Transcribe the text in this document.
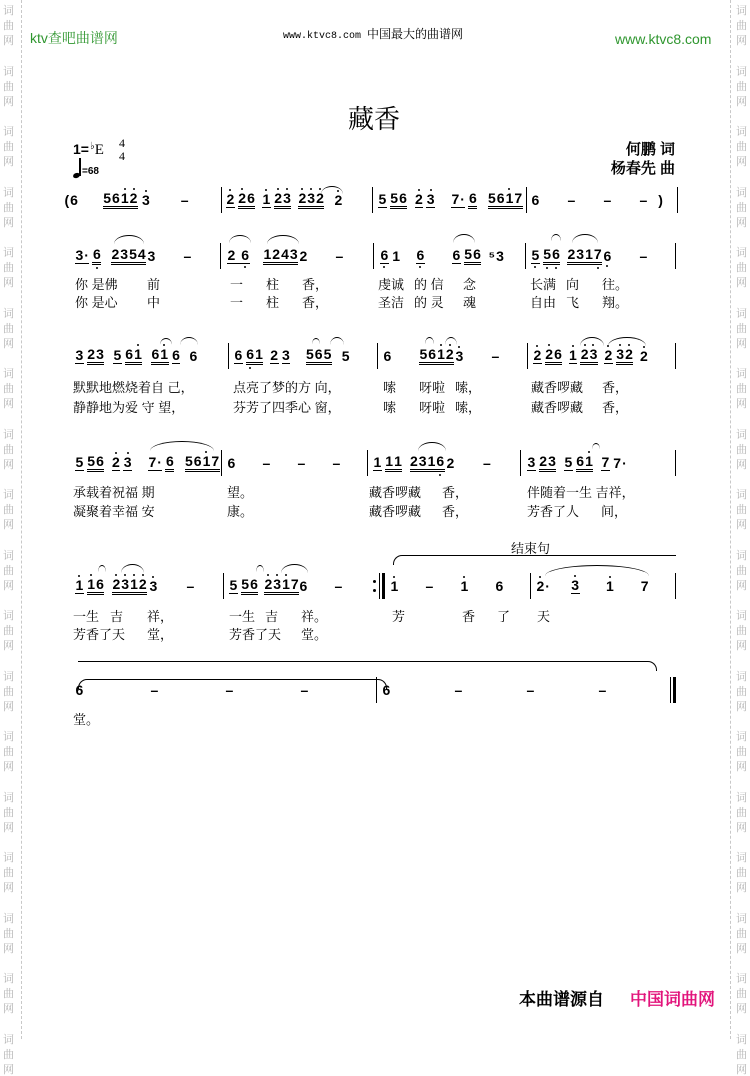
词
曲
网
词
曲
网
词
曲
网
词
曲
网
词
曲
网
词
曲
网
词
曲
网
词
曲
网
词
曲
网
词
曲
网
词
曲
网
词
曲
网
词
曲
网
词
曲
网
词
曲
网
词
曲
网
词
曲
网
词
曲
网
词
曲
网
词
曲
网
词
曲
网
词
曲
网
词
曲
网
词
曲
网
词
曲
网
词
曲
网
词
曲
网
词
曲
网
词
曲
网
词
曲
网
词
曲
网
词
曲
网
词
曲
网
词
曲
网
词
曲
网
词
曲
网
ktv查吧曲谱网	www.ktvc8.com 中国最大的曲谱网	www.ktvc8.com
藏香
1=♭E 4
4
=68
何鹏 词
杨春先 曲
( 6 5 6 1 2 3 –	2 2 6 1 2 3 2 3 2 2	5 5 6 2 3 7 · 6 5 6 1 7 6 – – – )
3 · 6 2 3 5 4 3 –	2 6 1 2 4 3 2 –	6 1 6 6 5 6 ⁵ 3 5 5 6 2 3 1 7 6 –
你 是佛 前	一	柱	香，	虔诚 的 信 　念	长满 向	往。
你 是心 中	一	柱	香，	圣洁 的 灵 　魂	自由 飞	翔。
3 2 3 5 6 1 6 1 6 6	6 6 1 2 3 5 6 5 5 6 5 6 1 2 3 – 2 2 6 1 2 3 2 3 2 2
默默地燃烧着自 己，	点亮了梦的方 向，	嗦	呀啦 嗦，	藏香啰藏 香，
静静地为爱 守 望，	芬芳了四季心 窗，	嗦	呀啦 嗦，	藏香啰藏 香，
5 5 6 2 3 7 · 6 5 6 1 7 6 – – – 1 1 1 2 3 1 6 2 –	3 2 3 5 6 1 7 7 ·
承载着祝福 期	望。	藏香啰藏 香，	伴随着一生 吉祥，
凝聚着幸福 安	康。	藏香啰藏 香，	芳香了人 间，
结束句
1 1 6 2 3 1 2 3 –	5 5 6 2 3 1 7 6 –	1 – 1 6 2 · 3 1 7
一生 吉	祥，	一生 吉	祥。	芳	香	了	天
芳香了天 堂，	芳香了天 堂。
6	–	–	–	6	–	–	–
堂。
本曲谱源自 中国词曲网
